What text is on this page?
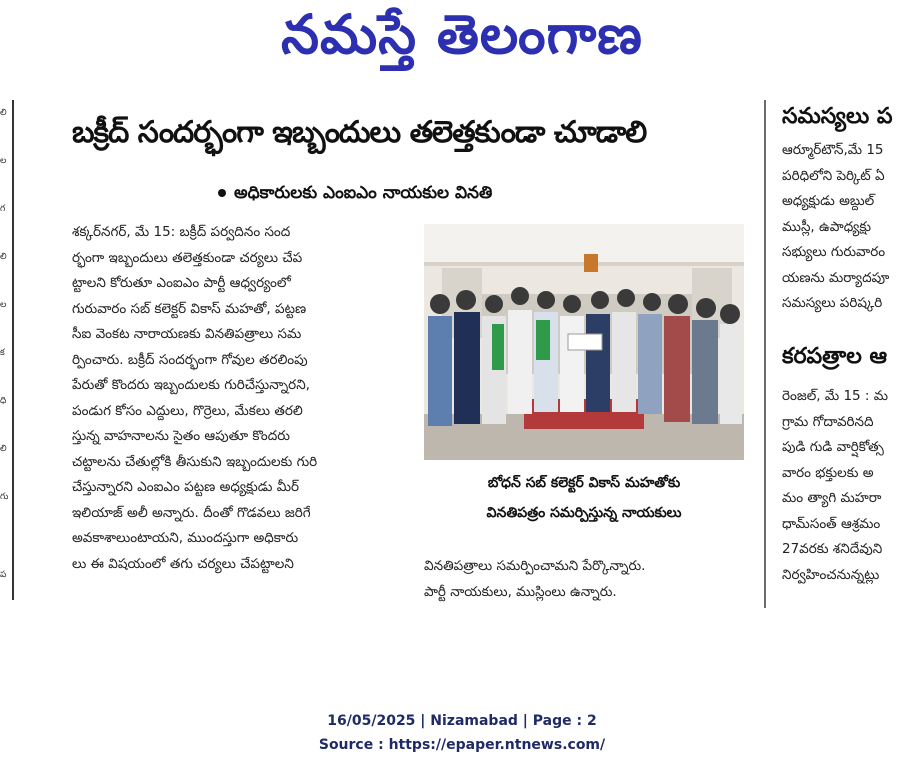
నమస్తే తెలంగాణ
లి
ల
గ
లి
ల
క
ధి
లి
గు
ప
బక్రీద్ సందర్భంగా ఇబ్బందులు తలెత్తకుండా చూడాలి
అధికారులకు ఎంఐఎం నాయకుల వినతి
శక్కర్‌నగర్, మే 15: బక్రీద్ పర్వదినం సంద
ర్భంగా ఇబ్బందులు తలెత్తకుండా చర్యలు చేప
ట్టాలని కోరుతూ ఎంఐఎం పార్టీ ఆధ్వర్యంలో
గురువారం సబ్ కలెక్టర్ వికాస్ మహతో, పట్టణ
సీఐ వెంకట నారాయణకు వినతిపత్రాలు సమ
ర్పించారు. బక్రీద్ సందర్భంగా గోవుల తరలింపు
పేరుతో కొందరు ఇబ్బందులకు గురిచేస్తున్నారని,
పండుగ కోసం ఎద్దులు, గొర్రెలు, మేకలు తరలి
స్తున్న వాహనాలను సైతం ఆపుతూ కొందరు
చట్టాలను చేతుల్లోకి తీసుకుని ఇబ్బందులకు గురి
చేస్తున్నారని ఎంఐఎం పట్టణ అధ్యక్షుడు మీర్
ఇలియాజ్ అలీ అన్నారు. దీంతో గొడవలు జరిగే
అవకాశాలుంటాయని, ముందస్తుగా అధికారు
లు ఈ విషయంలో తగు చర్యలు చేపట్టాలని
బోధన్ సబ్ కలెక్టర్ వికాస్ మహతోకు
వినతిపత్రం సమర్పిస్తున్న నాయకులు
వినతిపత్రాలు సమర్పించామని పేర్కొన్నారు.
పార్టీ నాయకులు, ముస్లింలు ఉన్నారు.
సమస్యలు ప
ఆర్మూర్‌టౌన్,మే 15
పరిధిలోని పెర్కిట్ ఏ
అధ్యక్షుడు అబ్దుల్
ముస్లీ, ఉపాధ్యక్షు
సభ్యులు గురువారం
యణను మర్యాదపూ
సమస్యలు పరిష్కరి
కరపత్రాల ఆ
రెంజల్, మే 15 : మ
గ్రామ గోదావరినది
పుడి గుడి వార్షికోత్స
వారం భక్తులకు అ
మం త్యాగి మహరా
ధామ్‌సంత్ ఆశ్రమం
27వరకు శనిదేవుని
నిర్వహించనున్నట్లు
16/05/2025 | Nizamabad | Page : 2
Source : https://epaper.ntnews.com/
